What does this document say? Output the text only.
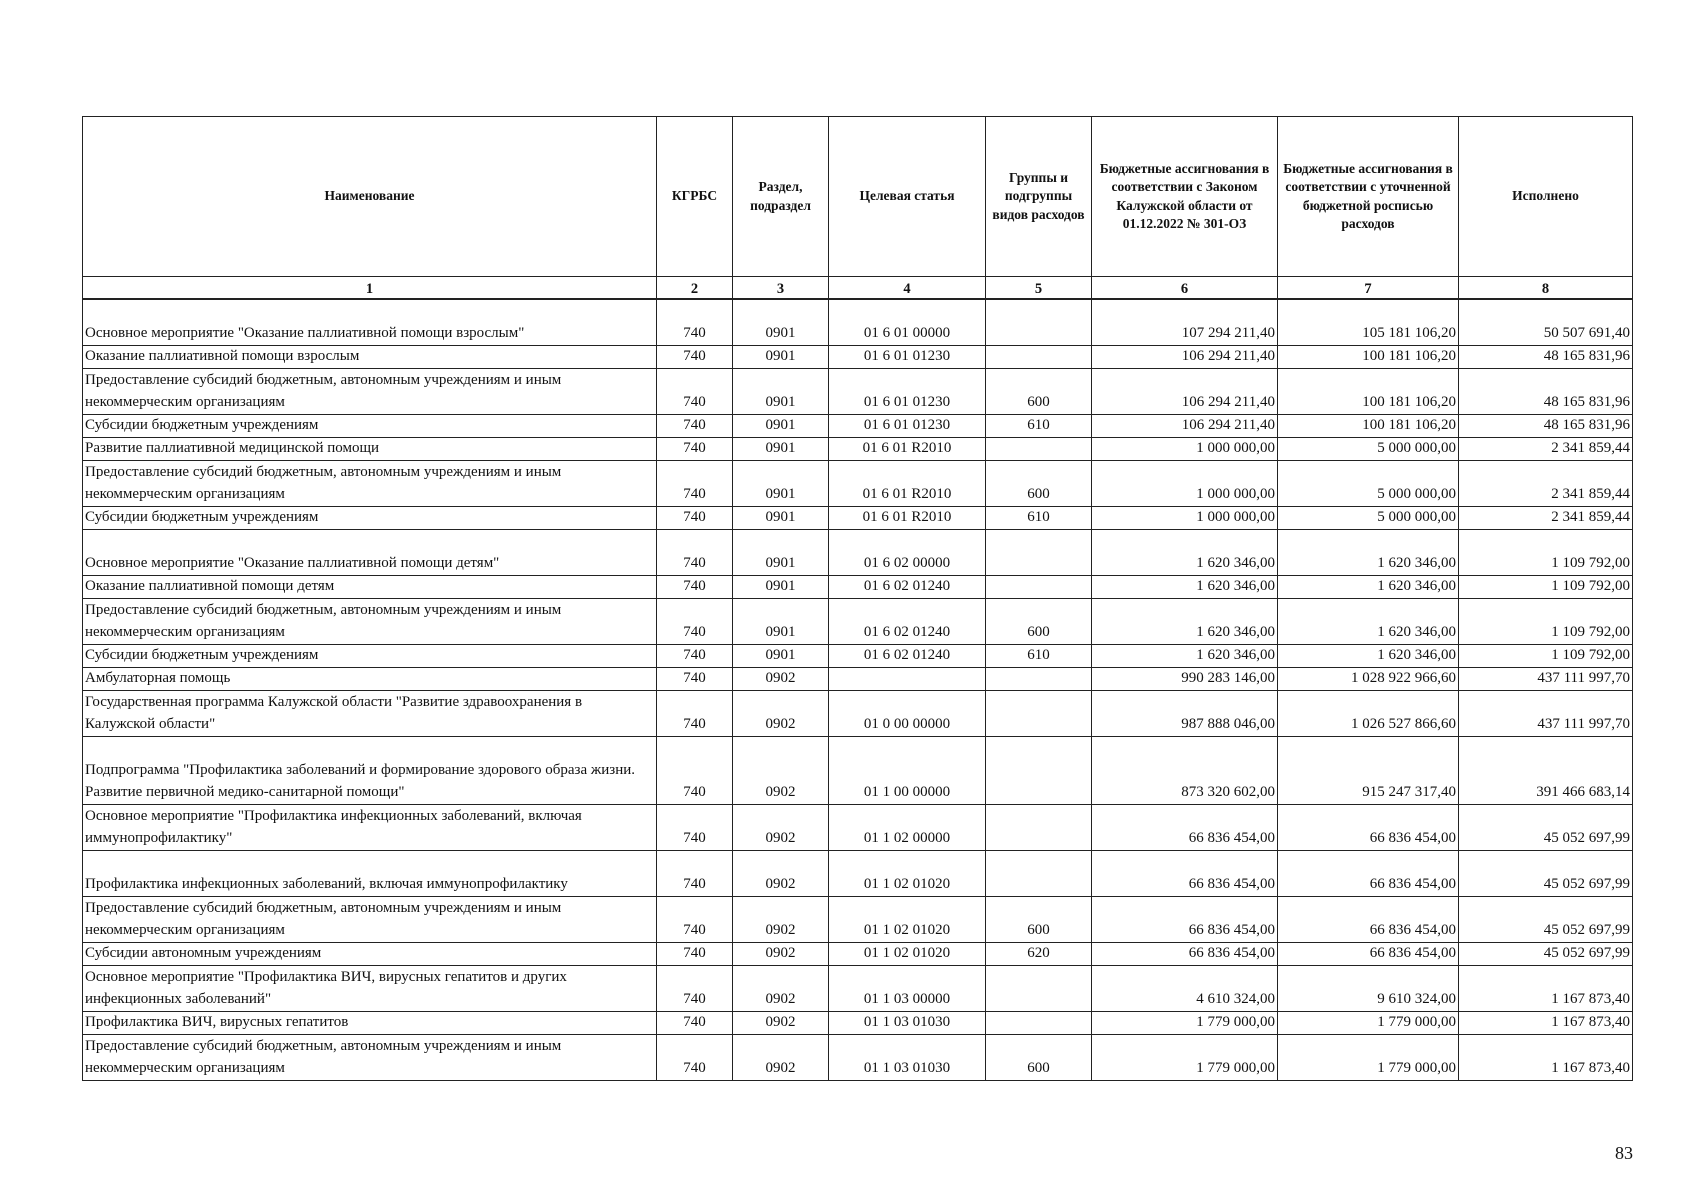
Наименование	КГРБС	Раздел, подраздел	Целевая статья	Группы и подгруппы видов расходов	Бюджетные ассигнования в соответствии с Законом Калужской области от 01.12.2022 № 301-ОЗ	Бюджетные ассигнования в соответствии с уточненной бюджетной росписью расходов	Исполнено
1	2	3	4	5	6	7	8
Основное мероприятие "Оказание паллиативной помощи взрослым"	740	0901	01 6 01 00000		107 294 211,40	105 181 106,20	50 507 691,40
Оказание паллиативной помощи взрослым	740	0901	01 6 01 01230		106 294 211,40	100 181 106,20	48 165 831,96
Предоставление субсидий бюджетным, автономным учреждениям и иным некоммерческим организациям	740	0901	01 6 01 01230	600	106 294 211,40	100 181 106,20	48 165 831,96
Субсидии бюджетным учреждениям	740	0901	01 6 01 01230	610	106 294 211,40	100 181 106,20	48 165 831,96
Развитие паллиативной медицинской помощи	740	0901	01 6 01 R2010		1 000 000,00	5 000 000,00	2 341 859,44
Предоставление субсидий бюджетным, автономным учреждениям и иным некоммерческим организациям	740	0901	01 6 01 R2010	600	1 000 000,00	5 000 000,00	2 341 859,44
Субсидии бюджетным учреждениям	740	0901	01 6 01 R2010	610	1 000 000,00	5 000 000,00	2 341 859,44
Основное мероприятие "Оказание паллиативной помощи детям"	740	0901	01 6 02 00000		1 620 346,00	1 620 346,00	1 109 792,00
Оказание паллиативной помощи детям	740	0901	01 6 02 01240		1 620 346,00	1 620 346,00	1 109 792,00
Предоставление субсидий бюджетным, автономным учреждениям и иным некоммерческим организациям	740	0901	01 6 02 01240	600	1 620 346,00	1 620 346,00	1 109 792,00
Субсидии бюджетным учреждениям	740	0901	01 6 02 01240	610	1 620 346,00	1 620 346,00	1 109 792,00
Амбулаторная помощь	740	0902			990 283 146,00	1 028 922 966,60	437 111 997,70
Государственная программа Калужской области "Развитие здравоохранения в Калужской области"	740	0902	01 0 00 00000		987 888 046,00	1 026 527 866,60	437 111 997,70
Подпрограмма "Профилактика заболеваний и формирование здорового образа жизни. Развитие первичной медико-санитарной помощи"	740	0902	01 1 00 00000		873 320 602,00	915 247 317,40	391 466 683,14
Основное мероприятие "Профилактика инфекционных заболеваний, включая иммунопрофилактику"	740	0902	01 1 02 00000		66 836 454,00	66 836 454,00	45 052 697,99
Профилактика инфекционных заболеваний, включая иммунопрофилактику	740	0902	01 1 02 01020		66 836 454,00	66 836 454,00	45 052 697,99
Предоставление субсидий бюджетным, автономным учреждениям и иным некоммерческим организациям	740	0902	01 1 02 01020	600	66 836 454,00	66 836 454,00	45 052 697,99
Субсидии автономным учреждениям	740	0902	01 1 02 01020	620	66 836 454,00	66 836 454,00	45 052 697,99
Основное мероприятие "Профилактика ВИЧ, вирусных гепатитов и других инфекционных заболеваний"	740	0902	01 1 03 00000		4 610 324,00	9 610 324,00	1 167 873,40
Профилактика ВИЧ, вирусных гепатитов	740	0902	01 1 03 01030		1 779 000,00	1 779 000,00	1 167 873,40
Предоставление субсидий бюджетным, автономным учреждениям и иным некоммерческим организациям	740	0902	01 1 03 01030	600	1 779 000,00	1 779 000,00	1 167 873,40
83
